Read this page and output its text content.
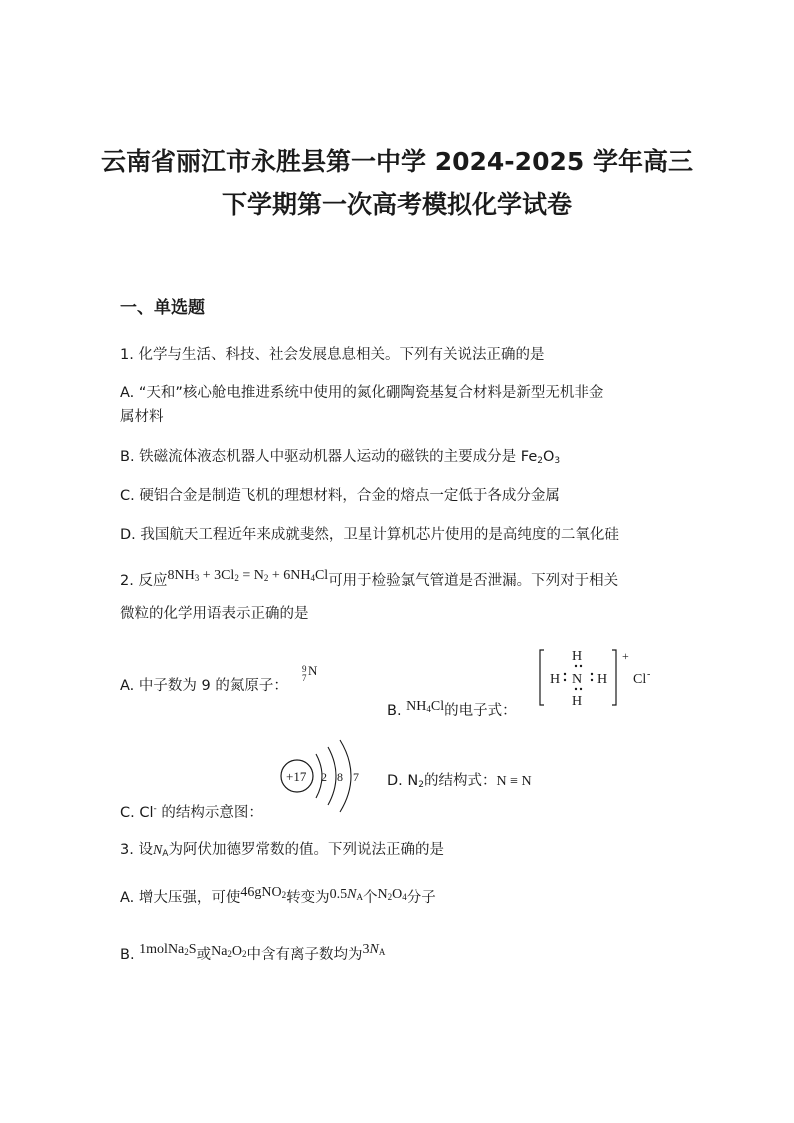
云南省丽江市永胜县第一中学 2024-2025 学年高三
下学期第一次高考模拟化学试卷
一、单选题
1. 化学与生活、科技、社会发展息息相关。下列有关说法正确的是
A. “天和”核心舱电推进系统中使用的氮化硼陶瓷基复合材料是新型无机非金
属材料
B. 铁磁流体液态机器人中驱动机器人运动的磁铁的主要成分是 $Fe_2O_3$
C. 硬铝合金是制造飞机的理想材料，合金的熔点一定低于各成分金属
D. 我国航天工程近年来成就斐然，卫星计算机芯片使用的是高纯度的二氧化硅
2. 反应$8NH_3 + 3Cl_2 = N_2 + 6NH_4Cl$可用于检验氯气管道是否泄漏。下列对于相关
微粒的化学用语表示正确的是
A. 中子数为 9 的氮原子：
9
7 N
B. $NH_4Cl$的电子式：
H
H N H
H
+
Cl -
+17 2 8 7 D. $N_2$的结构式：N ≡ N
C. Cl- 的结构示意图：
3. 设$N_A$为阿伏加德罗常数的值。下列说法正确的是
A. 增大压强，可使46gNO$_2$转变为$0.5N_A$个$N_2O_4$分子
B. 1molNa$_2$S或$Na_2O_2$中含有离子数均为$3N_A$
